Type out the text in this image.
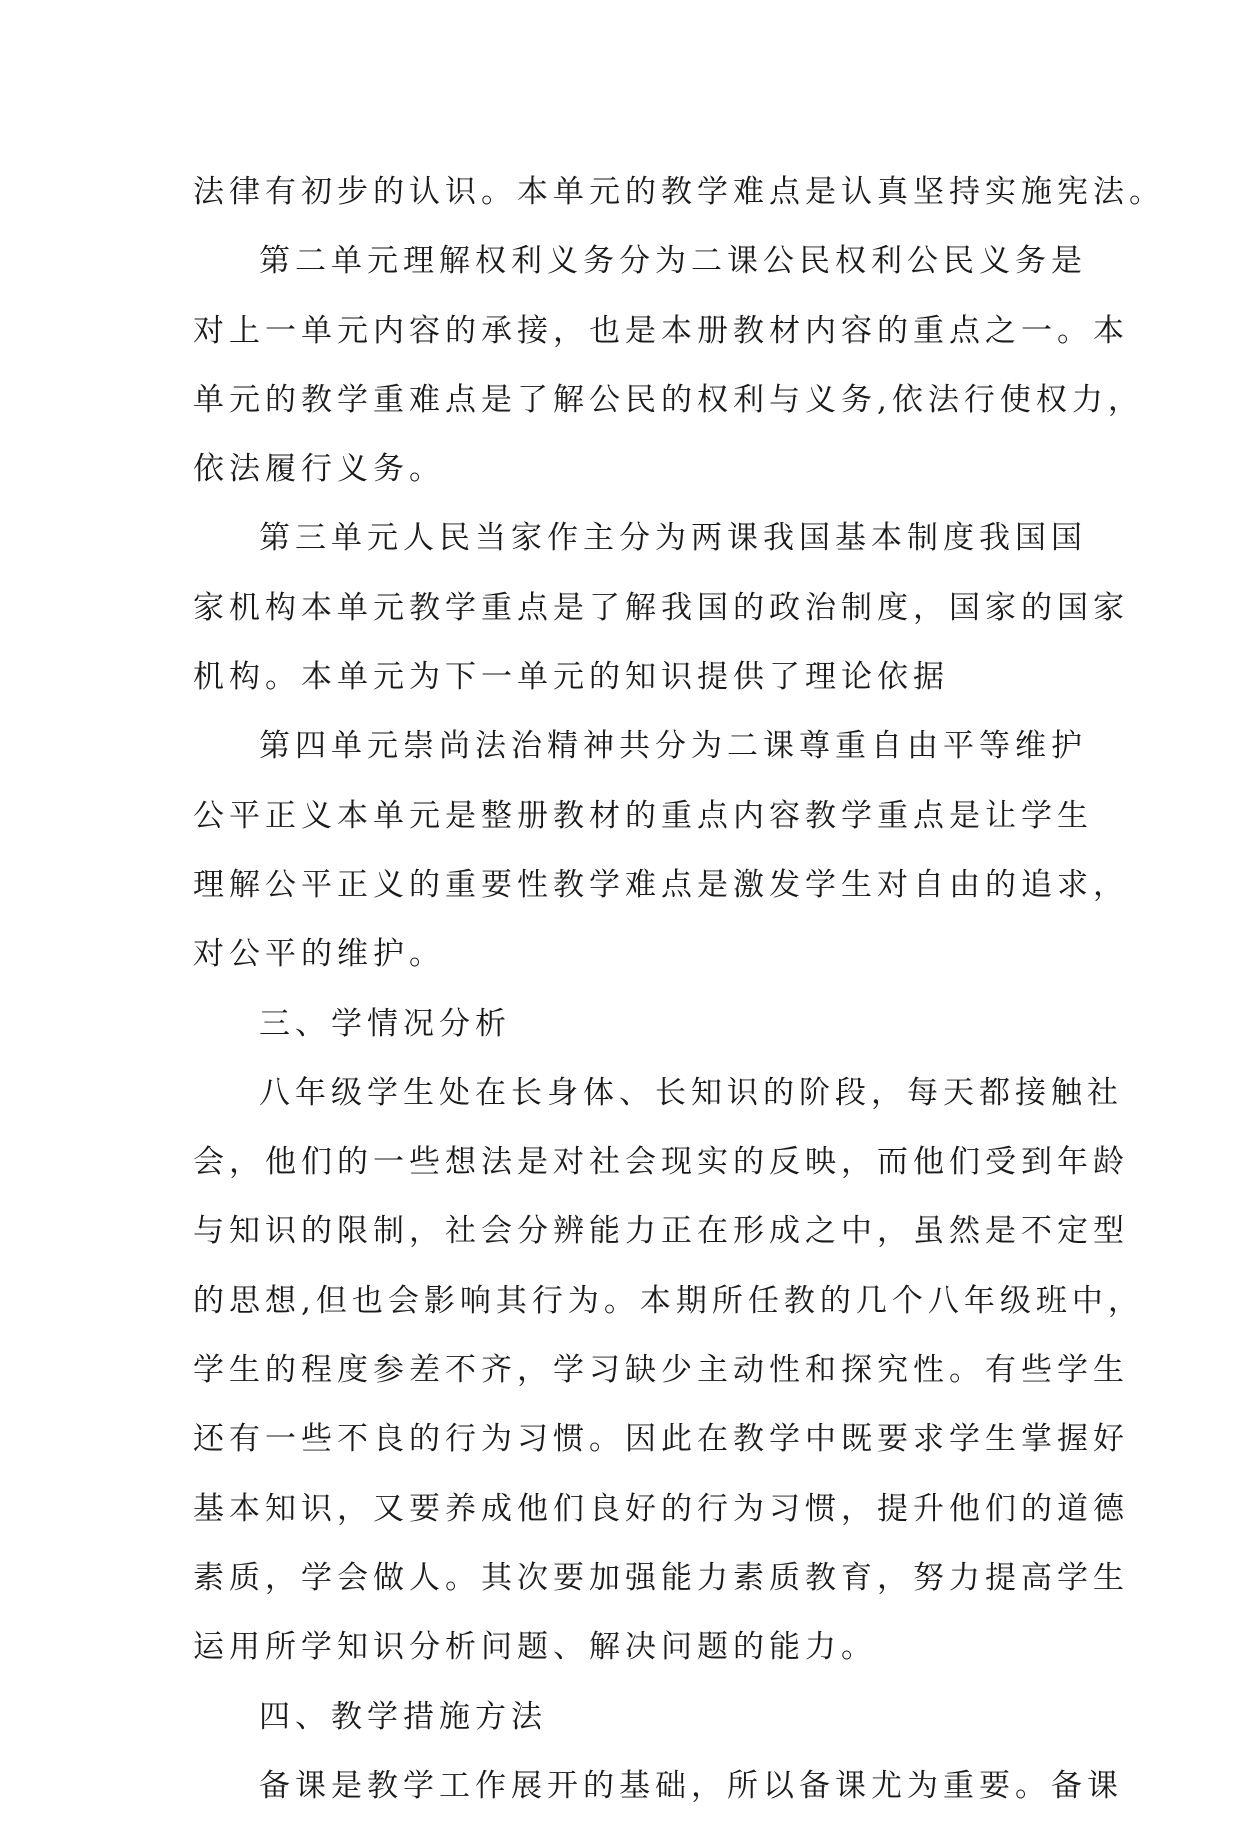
法律有初步的认识。本单元的教学难点是认真坚持实施宪法。
第二单元理解权利义务分为二课公民权利公民义务是
对上一单元内容的承接，也是本册教材内容的重点之一。本
单元的教学重难点是了解公民的权利与义务,依法行使权力，
依法履行义务。
第三单元人民当家作主分为两课我国基本制度我国国
家机构本单元教学重点是了解我国的政治制度，国家的国家
机构。本单元为下一单元的知识提供了理论依据
第四单元崇尚法治精神共分为二课尊重自由平等维护
公平正义本单元是整册教材的重点内容教学重点是让学生
理解公平正义的重要性教学难点是激发学生对自由的追求，
对公平的维护。
三、学情况分析
八年级学生处在长身体、长知识的阶段，每天都接触社
会，他们的一些想法是对社会现实的反映，而他们受到年龄
与知识的限制，社会分辨能力正在形成之中，虽然是不定型
的思想,但也会影响其行为。本期所任教的几个八年级班中，
学生的程度参差不齐，学习缺少主动性和探究性。有些学生
还有一些不良的行为习惯。因此在教学中既要求学生掌握好
基本知识，又要养成他们良好的行为习惯，提升他们的道德
素质，学会做人。其次要加强能力素质教育，努力提高学生
运用所学知识分析问题、解决问题的能力。
四、教学措施方法
备课是教学工作展开的基础，所以备课尤为重要。备课
